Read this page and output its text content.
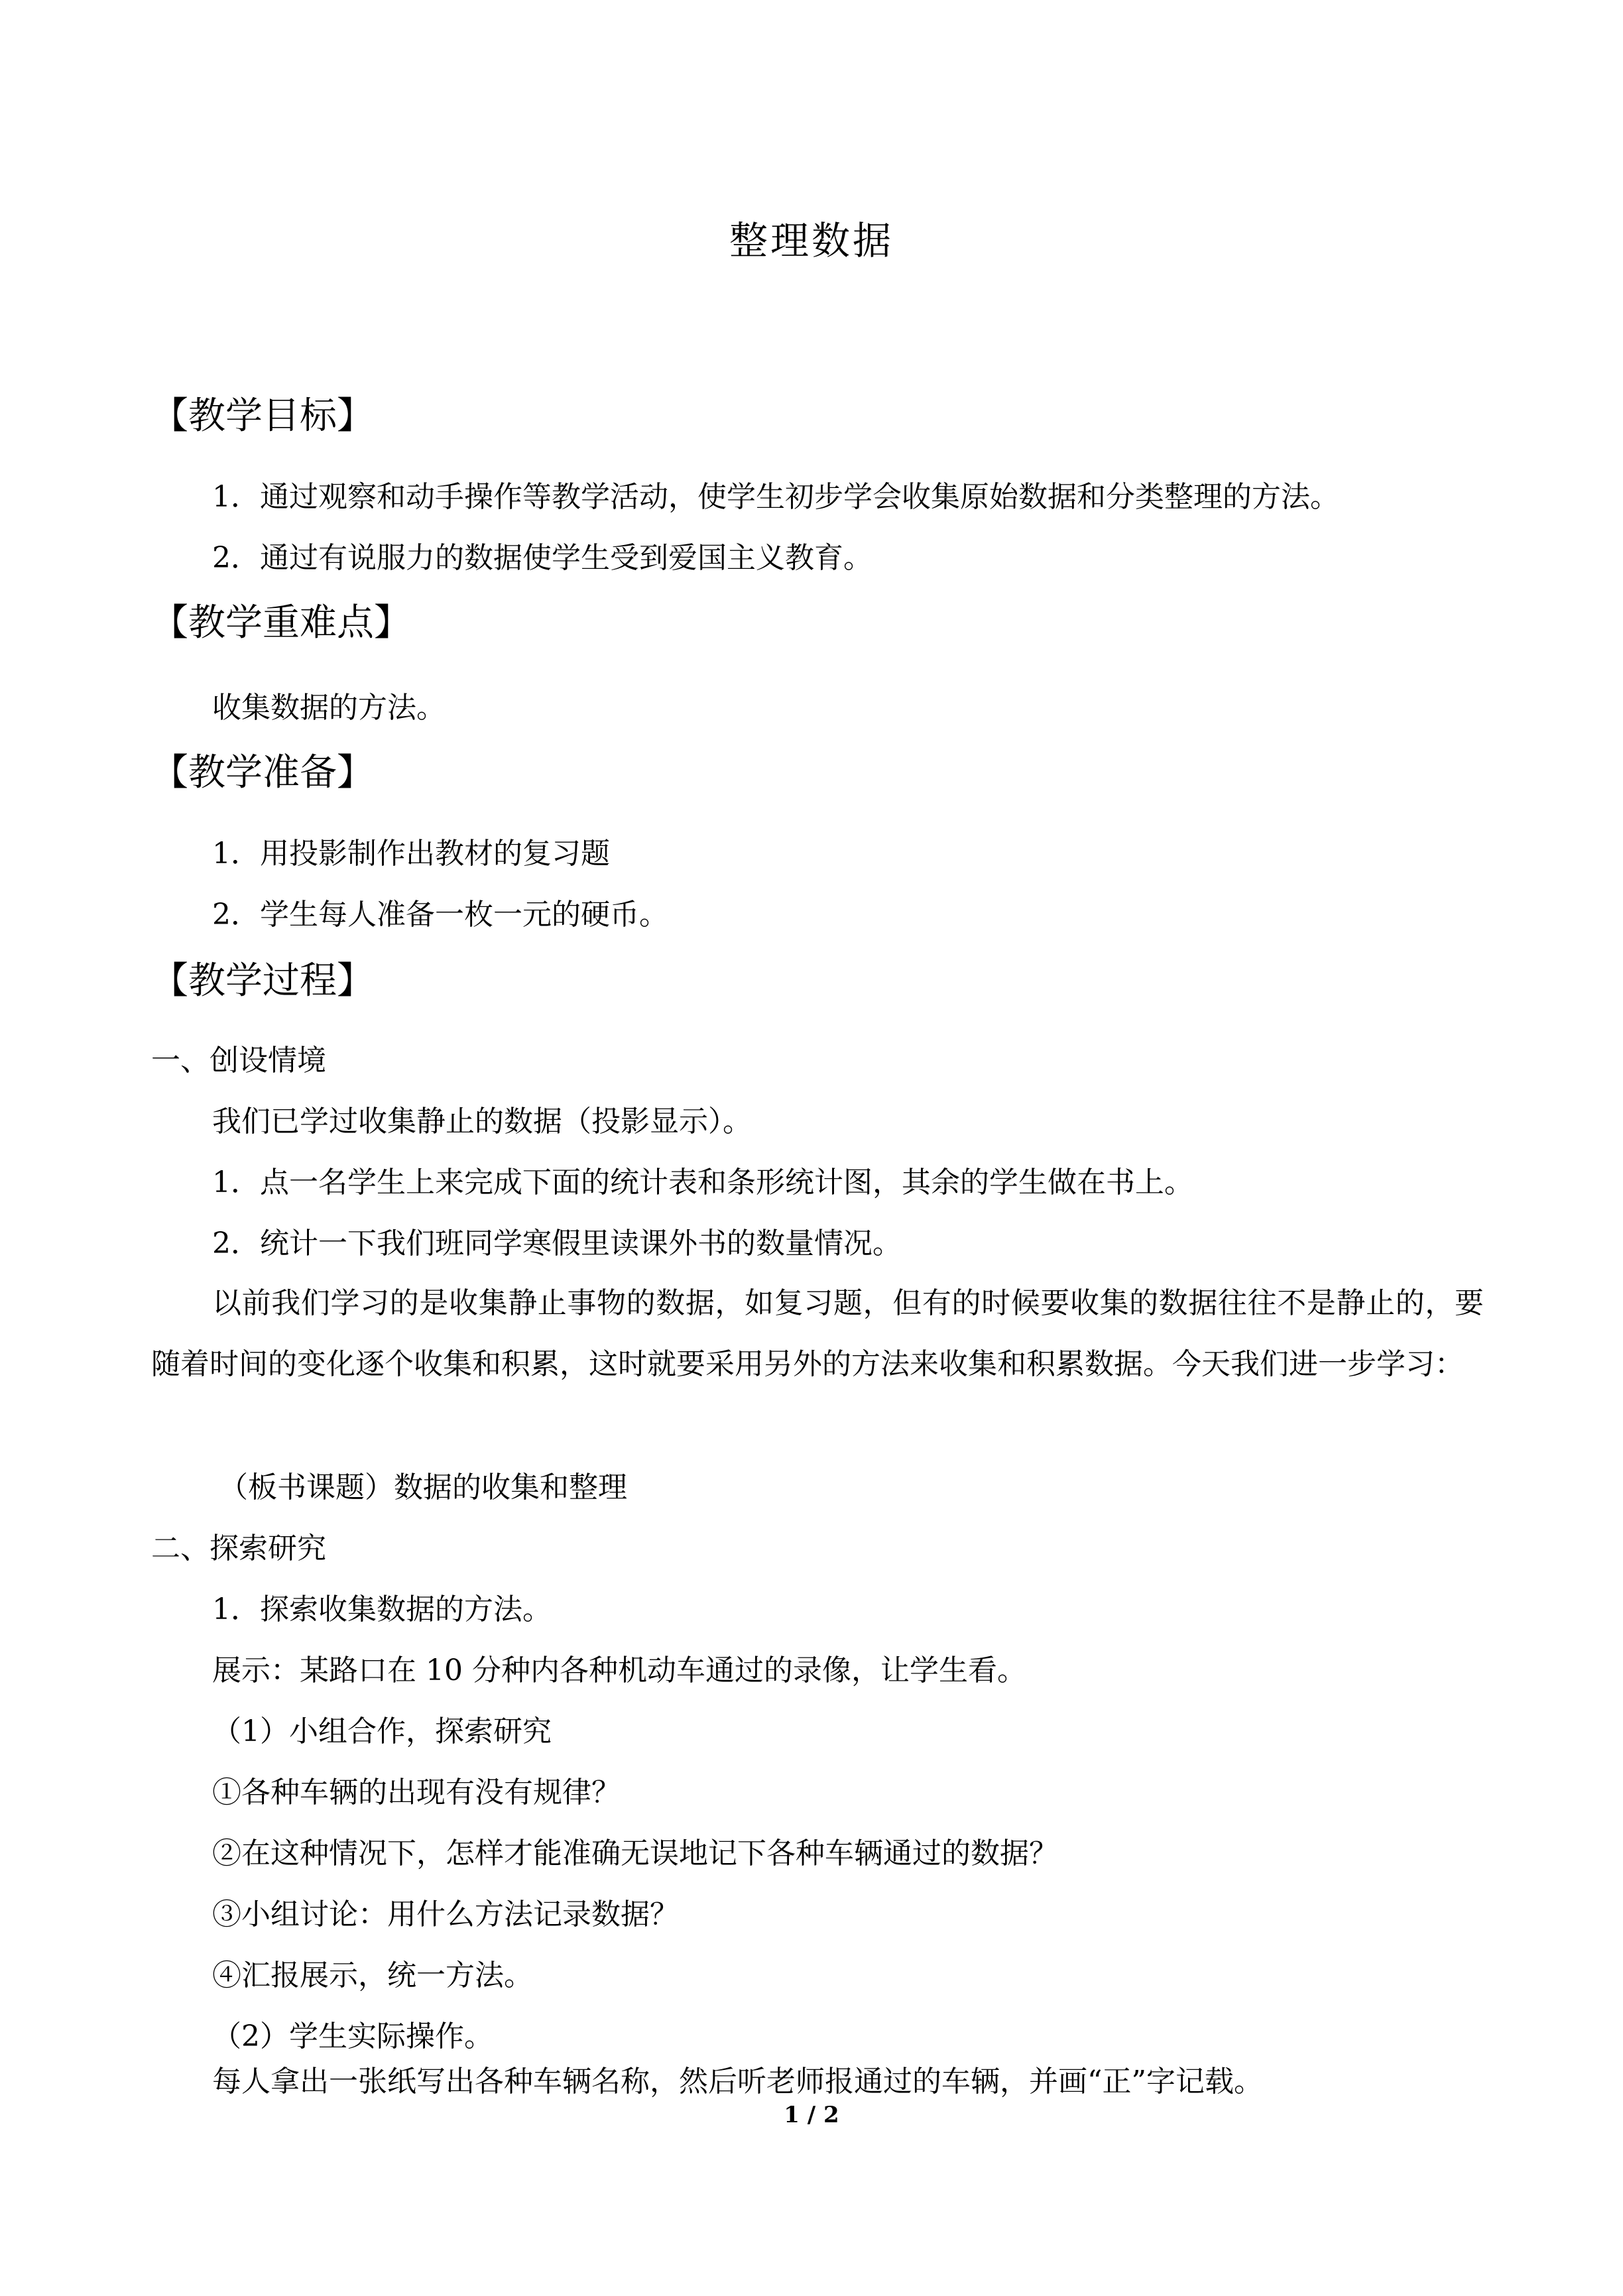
整理数据
【教学目标】
1．通过观察和动手操作等教学活动，使学生初步学会收集原始数据和分类整理的方法。
2．通过有说服力的数据使学生受到爱国主义教育。
【教学重难点】
收集数据的方法。
【教学准备】
1．用投影制作出教材的复习题
2．学生每人准备一枚一元的硬币。
【教学过程】
一、创设情境
我们已学过收集静止的数据（投影显示）。
1．点一名学生上来完成下面的统计表和条形统计图，其余的学生做在书上。
2．统计一下我们班同学寒假里读课外书的数量情况。
以前我们学习的是收集静止事物的数据，如复习题，但有的时候要收集的数据往往不是静止的，要随着时间的变化逐个收集和积累，这时就要采用另外的方法来收集和积累数据。今天我们进一步学习：
（板书课题）数据的收集和整理
二、探索研究
1．探索收集数据的方法。
展示：某路口在 10 分种内各种机动车通过的录像，让学生看。
（1）小组合作，探索研究
①各种车辆的出现有没有规律？
②在这种情况下，怎样才能准确无误地记下各种车辆通过的数据？
③小组讨论：用什么方法记录数据？
④汇报展示，统一方法。
（2）学生实际操作。
每人拿出一张纸写出各种车辆名称，然后听老师报通过的车辆，并画“正”字记载。
1 / 2
